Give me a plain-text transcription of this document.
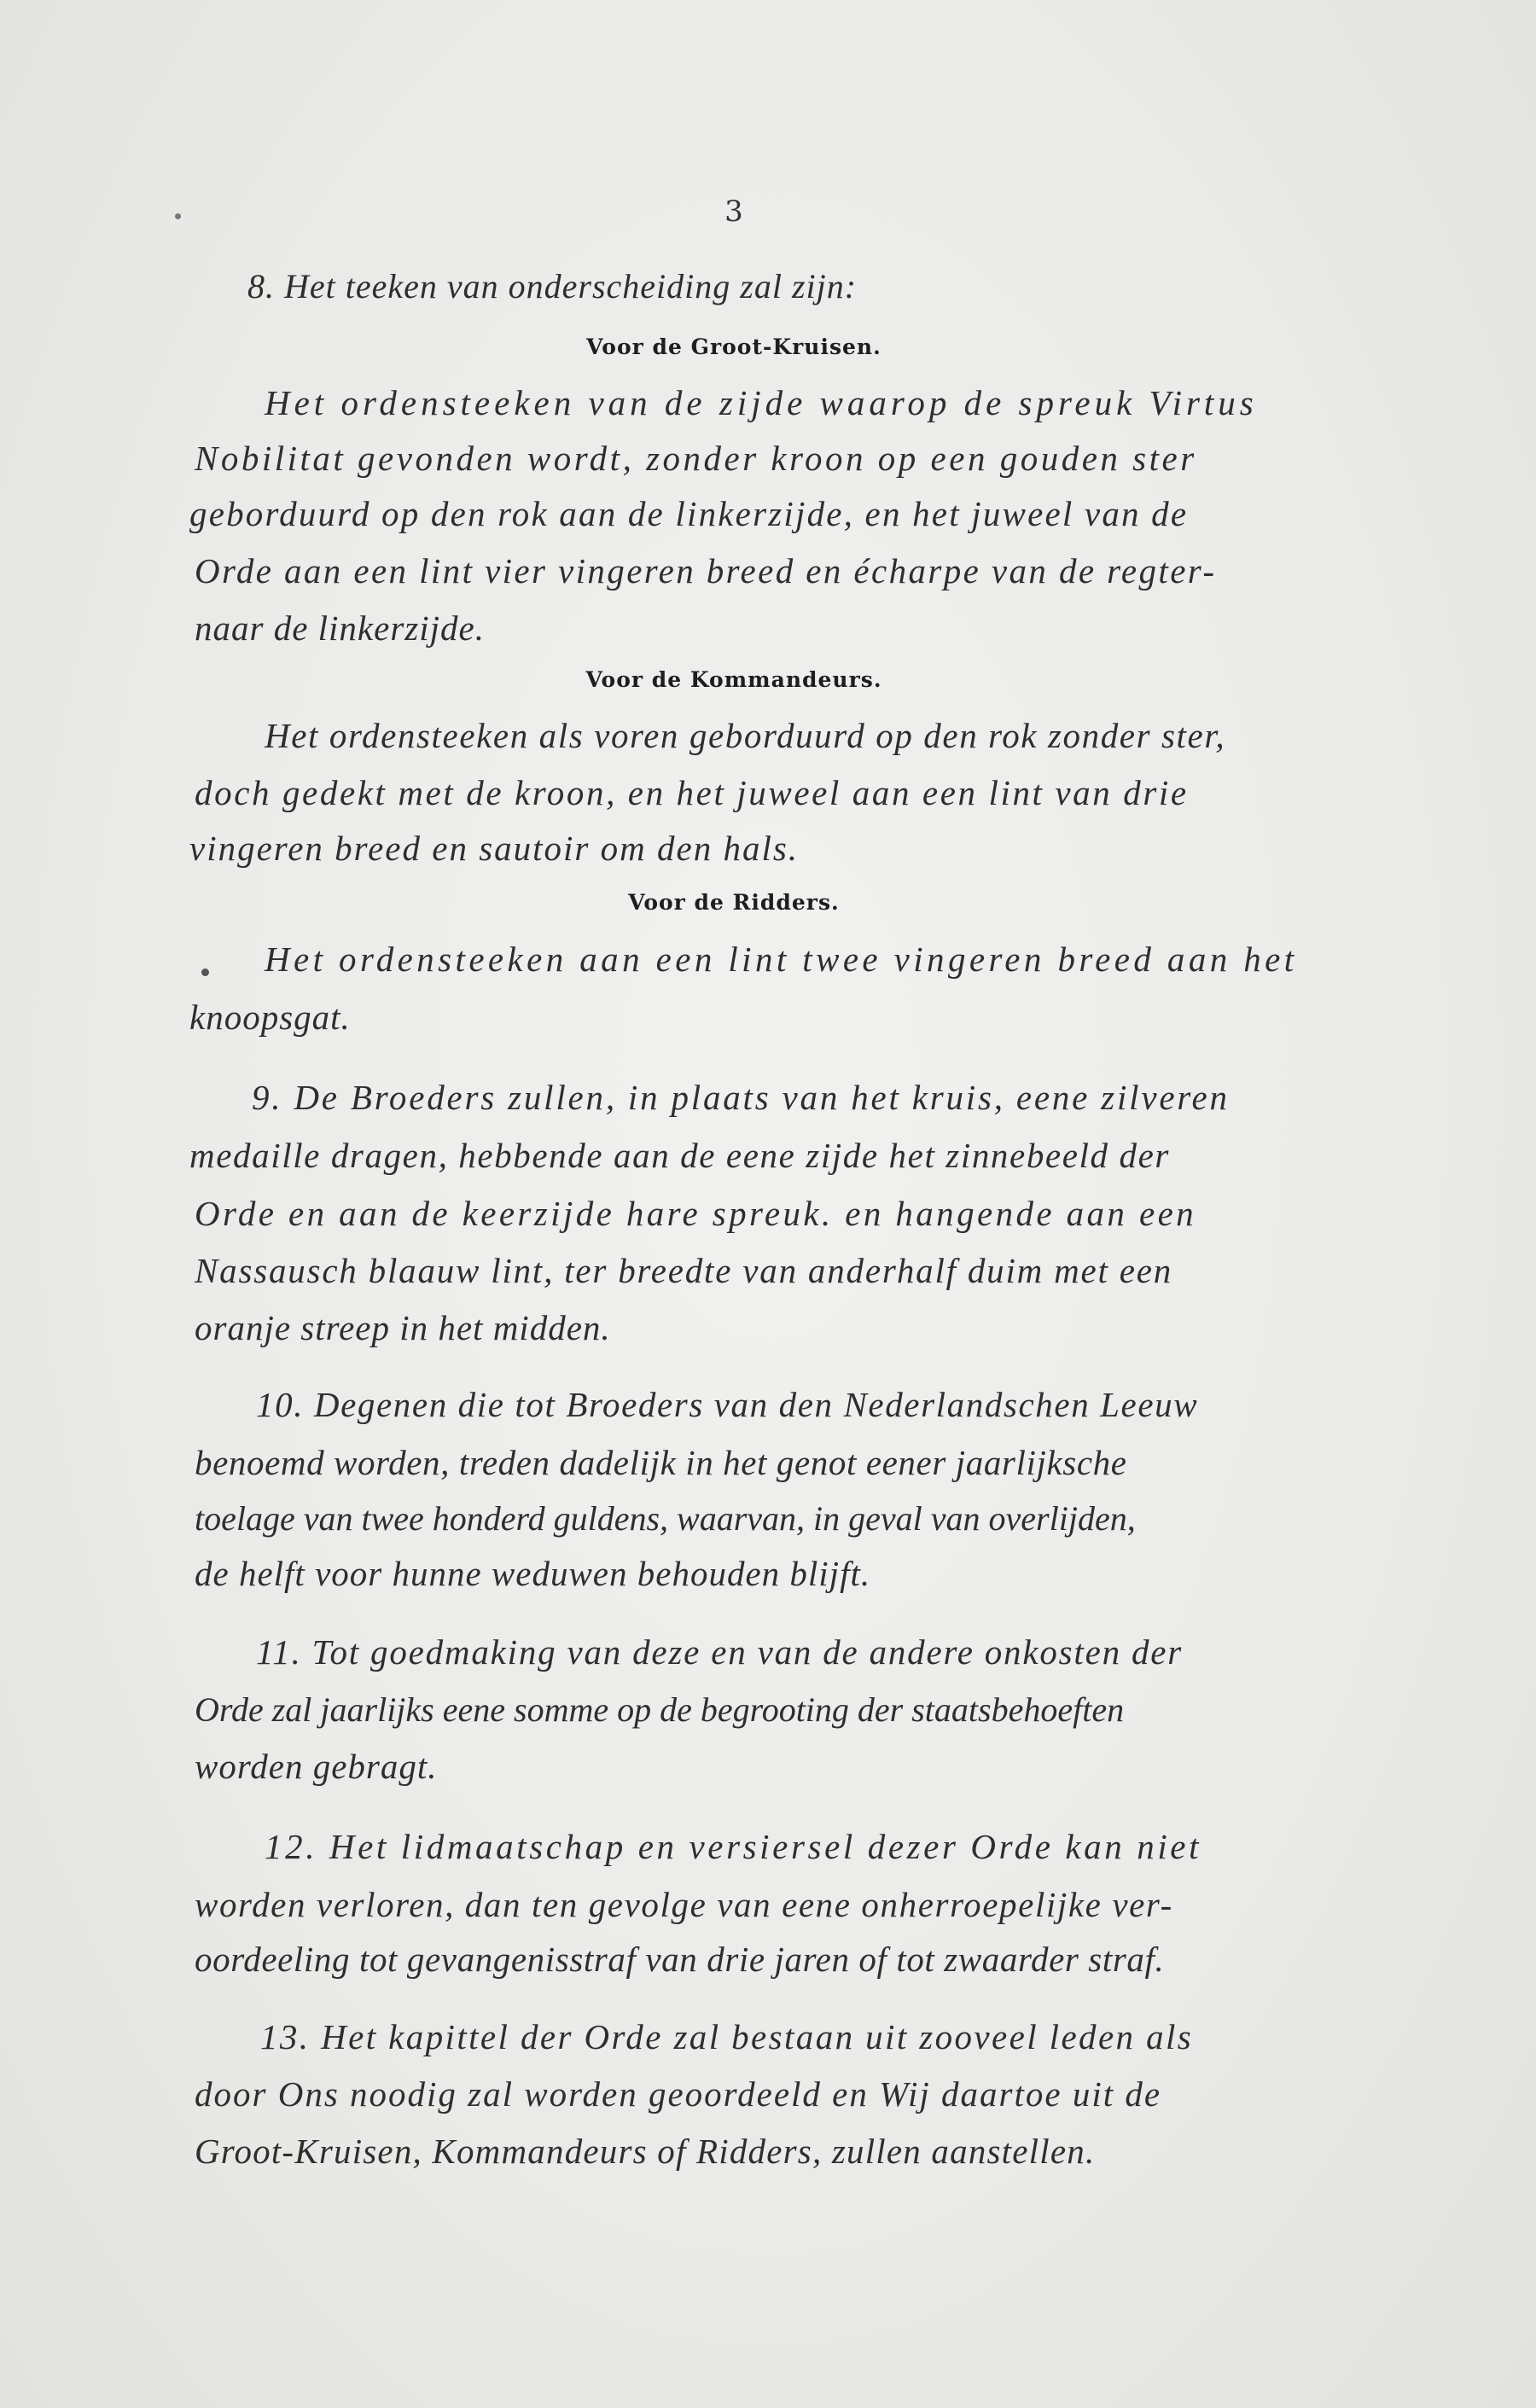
3
8. Het teeken van onderscheiding zal zijn:
Voor de Groot-Kruisen.
Het ordensteeken van de zijde waarop de spreuk Virtus
Nobilitat gevonden wordt, zonder kroon op een gouden ster
geborduurd op den rok aan de linkerzijde, en het juweel van de
Orde aan een lint vier vingeren breed en écharpe van de regter-
naar de linkerzijde.
Voor de Kommandeurs.
Het ordensteeken als voren geborduurd op den rok zonder ster,
doch gedekt met de kroon, en het juweel aan een lint van drie
vingeren breed en sautoir om den hals.
Voor de Ridders.
Het ordensteeken aan een lint twee vingeren breed aan het
knoopsgat.
9. De Broeders zullen, in plaats van het kruis, eene zilveren
medaille dragen, hebbende aan de eene zijde het zinnebeeld der
Orde en aan de keerzijde hare spreuk. en hangende aan een
Nassausch blaauw lint, ter breedte van anderhalf duim met een
oranje streep in het midden.
10. Degenen die tot Broeders van den Nederlandschen Leeuw
benoemd worden, treden dadelijk in het genot eener jaarlijksche
toelage van twee honderd guldens, waarvan, in geval van overlijden,
de helft voor hunne weduwen behouden blijft.
11. Tot goedmaking van deze en van de andere onkosten der
Orde zal jaarlijks eene somme op de begrooting der staatsbehoeften
worden gebragt.
12. Het lidmaatschap en versiersel dezer Orde kan niet
worden verloren, dan ten gevolge van eene onherroepelijke ver-
oordeeling tot gevangenisstraf van drie jaren of tot zwaarder straf.
13. Het kapittel der Orde zal bestaan uit zooveel leden als
door Ons noodig zal worden geoordeeld en Wij daartoe uit de
Groot-Kruisen, Kommandeurs of Ridders, zullen aanstellen.
